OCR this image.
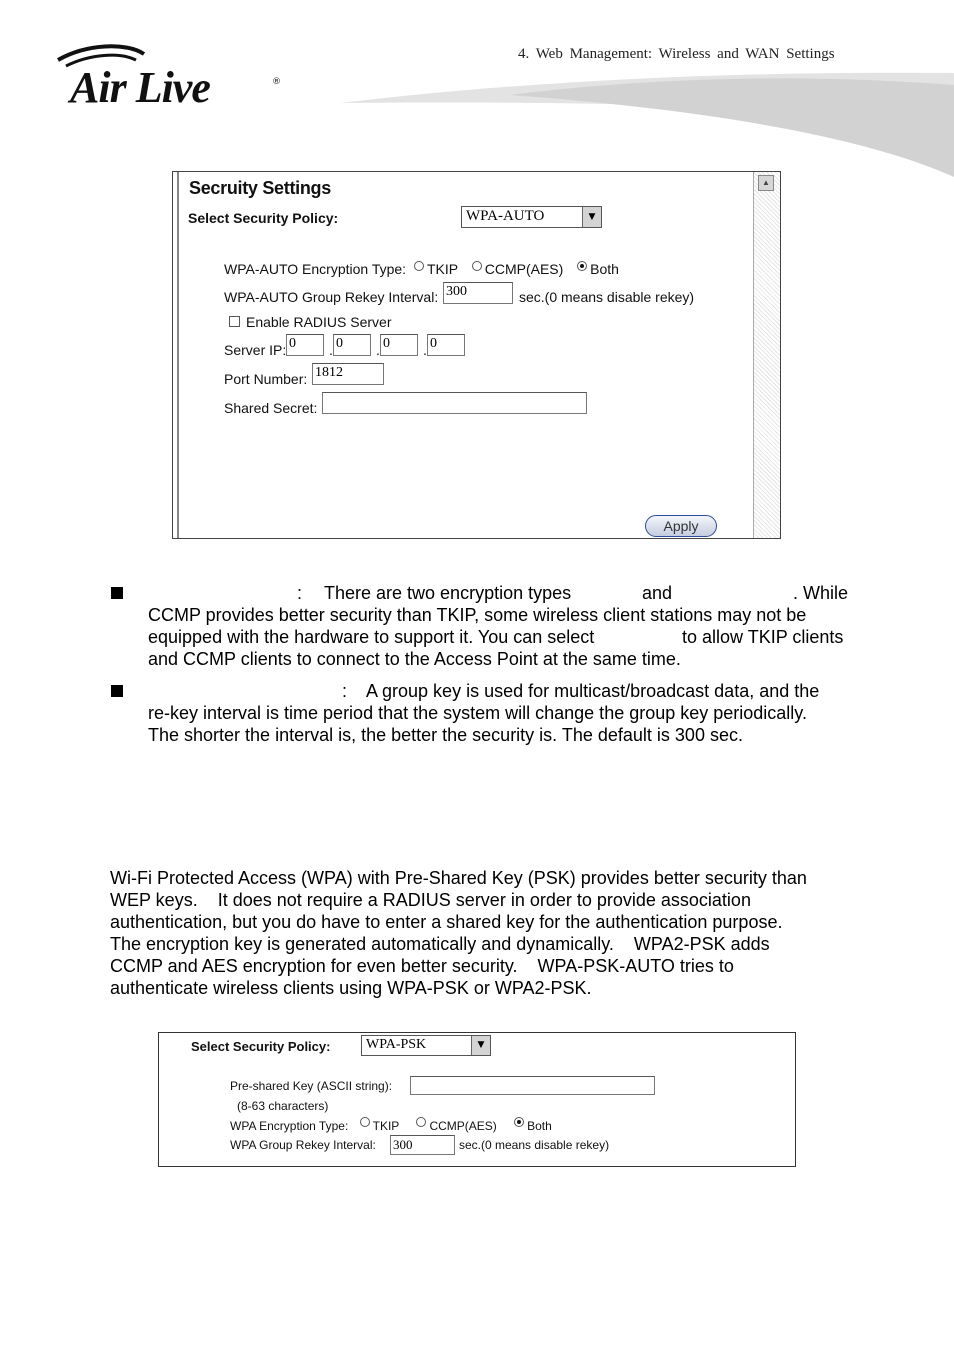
4. Web Management: Wireless and WAN Settings
®
Air Live
Secruity Settings
Select Security Policy:	WPA-AUTO	▼
WPA-AUTO Encryption Type: TKIP CCMP(AES) Both
WPA-AUTO Group Rekey Interval: 300	sec.(0 means disable rekey)
Enable RADIUS Server
Server IP: 0	. 0	. 0	. 0
Port Number: 1812
Shared Secret:
Apply
▲
: There are two encryption types	and	. While
CCMP provides better security than TKIP, some wireless client stations may not be
equipped with the hardware to support it. You can select	to allow TKIP clients
and CCMP clients to connect to the Access Point at the same time.
: A group key is used for multicast/broadcast data, and the
re-key interval is time period that the system will change the group key periodically.
The shorter the interval is, the better the security is. The default is 300 sec.
Wi-Fi Protected Access (WPA) with Pre-Shared Key (PSK) provides better security than
WEP keys.    It does not require a RADIUS server in order to provide association
authentication, but you do have to enter a shared key for the authentication purpose.
The encryption key is generated automatically and dynamically.    WPA2-PSK adds
CCMP and AES encryption for even better security.    WPA-PSK-AUTO tries to
authenticate wireless clients using WPA-PSK or WPA2-PSK.
Select Security Policy:	WPA-PSK	▼
Pre-shared Key (ASCII string):
(8-63 characters)
WPA Encryption Type: TKIP	CCMP(AES)	Both
WPA Group Rekey Interval: 300	sec.(0 means disable rekey)
